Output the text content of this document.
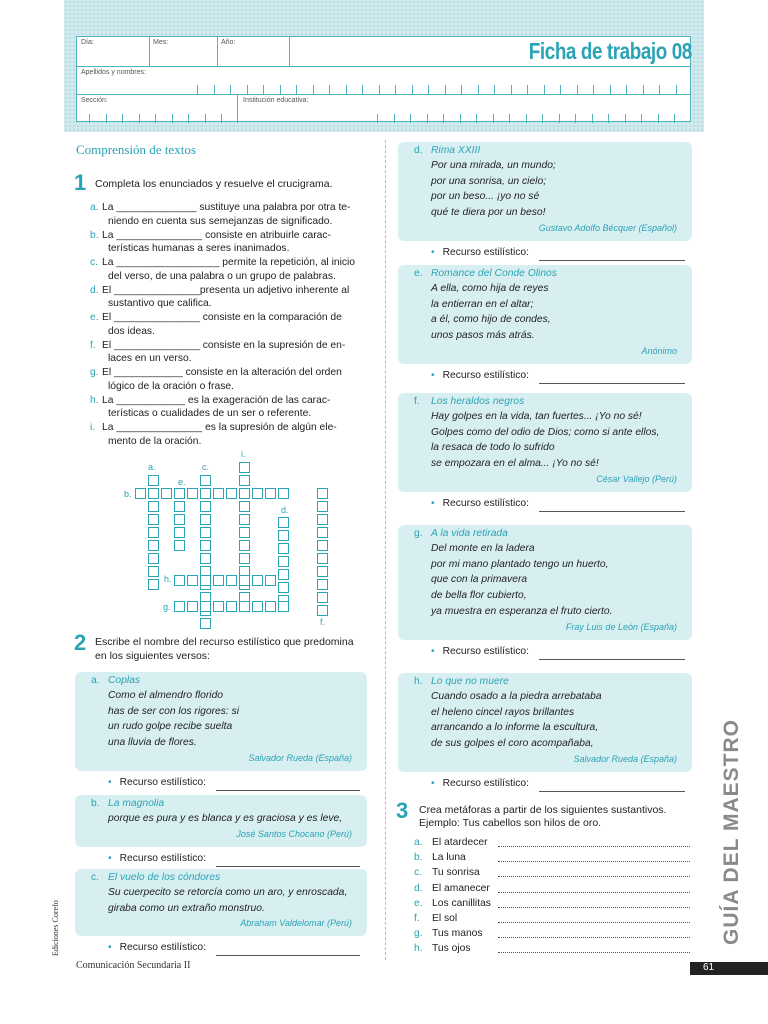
Día:	Mes:	Año:
Apellidos y nombres:
Sección:	Institución educativa:
Ficha de trabajo 08
Comprensión de textos
1 Completa los enunciados y resuelve el crucigrama.
a. La ______________ sustituye una palabra por otra te-
niendo en cuenta sus semejanzas de significado.
b. La _______________ consiste en atribuirle carac-
terísticas humanas a seres inanimados.
c. La __________________ permite la repetición, al inicio
del verso, de una palabra o un grupo de palabras.
d. El _______________presenta un adjetivo inherente al
sustantivo que califica.
e. El _______________ consiste en la comparación de
dos ideas.
f. El _______________ consiste en la supresión de en-
laces en un verso.
g. El ____________ consiste en la alteración del orden
lógico de la oración o frase.
h. La ____________ es la exageración de las carac-
terísticas o cualidades de un ser o referente.
i. La _______________ es la supresión de algún ele-
mento de la oración.
a.
b.
c.
d.
e.
f.
g.
h.
i.
2 Escribe el nombre del recurso estilístico que predomina
en los siguientes versos:
a. Coplas
Como el almendro florido
has de ser con los rigores: si
un rudo golpe recibe suelta
una lluvia de flores.
Salvador Rueda (España)
• Recurso estilístico:
b. La magnolia
porque es pura y es blanca y es graciosa y es leve,
José Santos Chocano (Perú)
• Recurso estilístico:
c. El vuelo de los cóndores
Su cuerpecito se retorcía como un aro, y enroscada,
giraba como un extraño monstruo.
Abraham Valdelomar (Perú)
• Recurso estilístico:
d. Rima XXIII
Por una mirada, un mundo;
por una sonrisa, un cielo;
por un beso... ¡yo no sé
qué te diera por un beso!
Gustavo Adolfo Bécquer (Español)
• Recurso estilístico:
e. Romance del Conde Olinos
A ella, como hija de reyes
la entierran en el altar;
a él, como hijo de condes,
unos pasos más atrás.
Anónimo
• Recurso estilístico:
f. Los heraldos negros
Hay golpes en la vida, tan fuertes... ¡Yo no sé!
Golpes como del odio de Dios; como si ante ellos,
la resaca de todo lo sufrido
se empozara en el alma... ¡Yo no sé!
César Vallejo (Perú)
• Recurso estilístico:
g. A la vida retirada
Del monte en la ladera
por mi mano plantado tengo un huerto,
que con la primavera
de bella flor cubierto,
ya muestra en esperanza el fruto cierto.
Fray Luis de León (España)
• Recurso estilístico:
h. Lo que no muere
Cuando osado a la piedra arrebataba
el heleno cincel rayos brillantes
arrancando a lo informe la escultura,
de sus golpes el coro acompañaba,
Salvador Rueda (España)
• Recurso estilístico:
3 Crea metáforas a partir de los siguientes sustantivos.
Ejemplo: Tus cabellos son hilos de oro.
a. El atardecer
b. La luna
c. Tu sonrisa
d. El amanecer
e. Los canillitas
f. El sol
g. Tus manos
h. Tus ojos
GUÍA DEL MAESTRO
Ediciones Corefo
Comunicación Secundaria II	61
